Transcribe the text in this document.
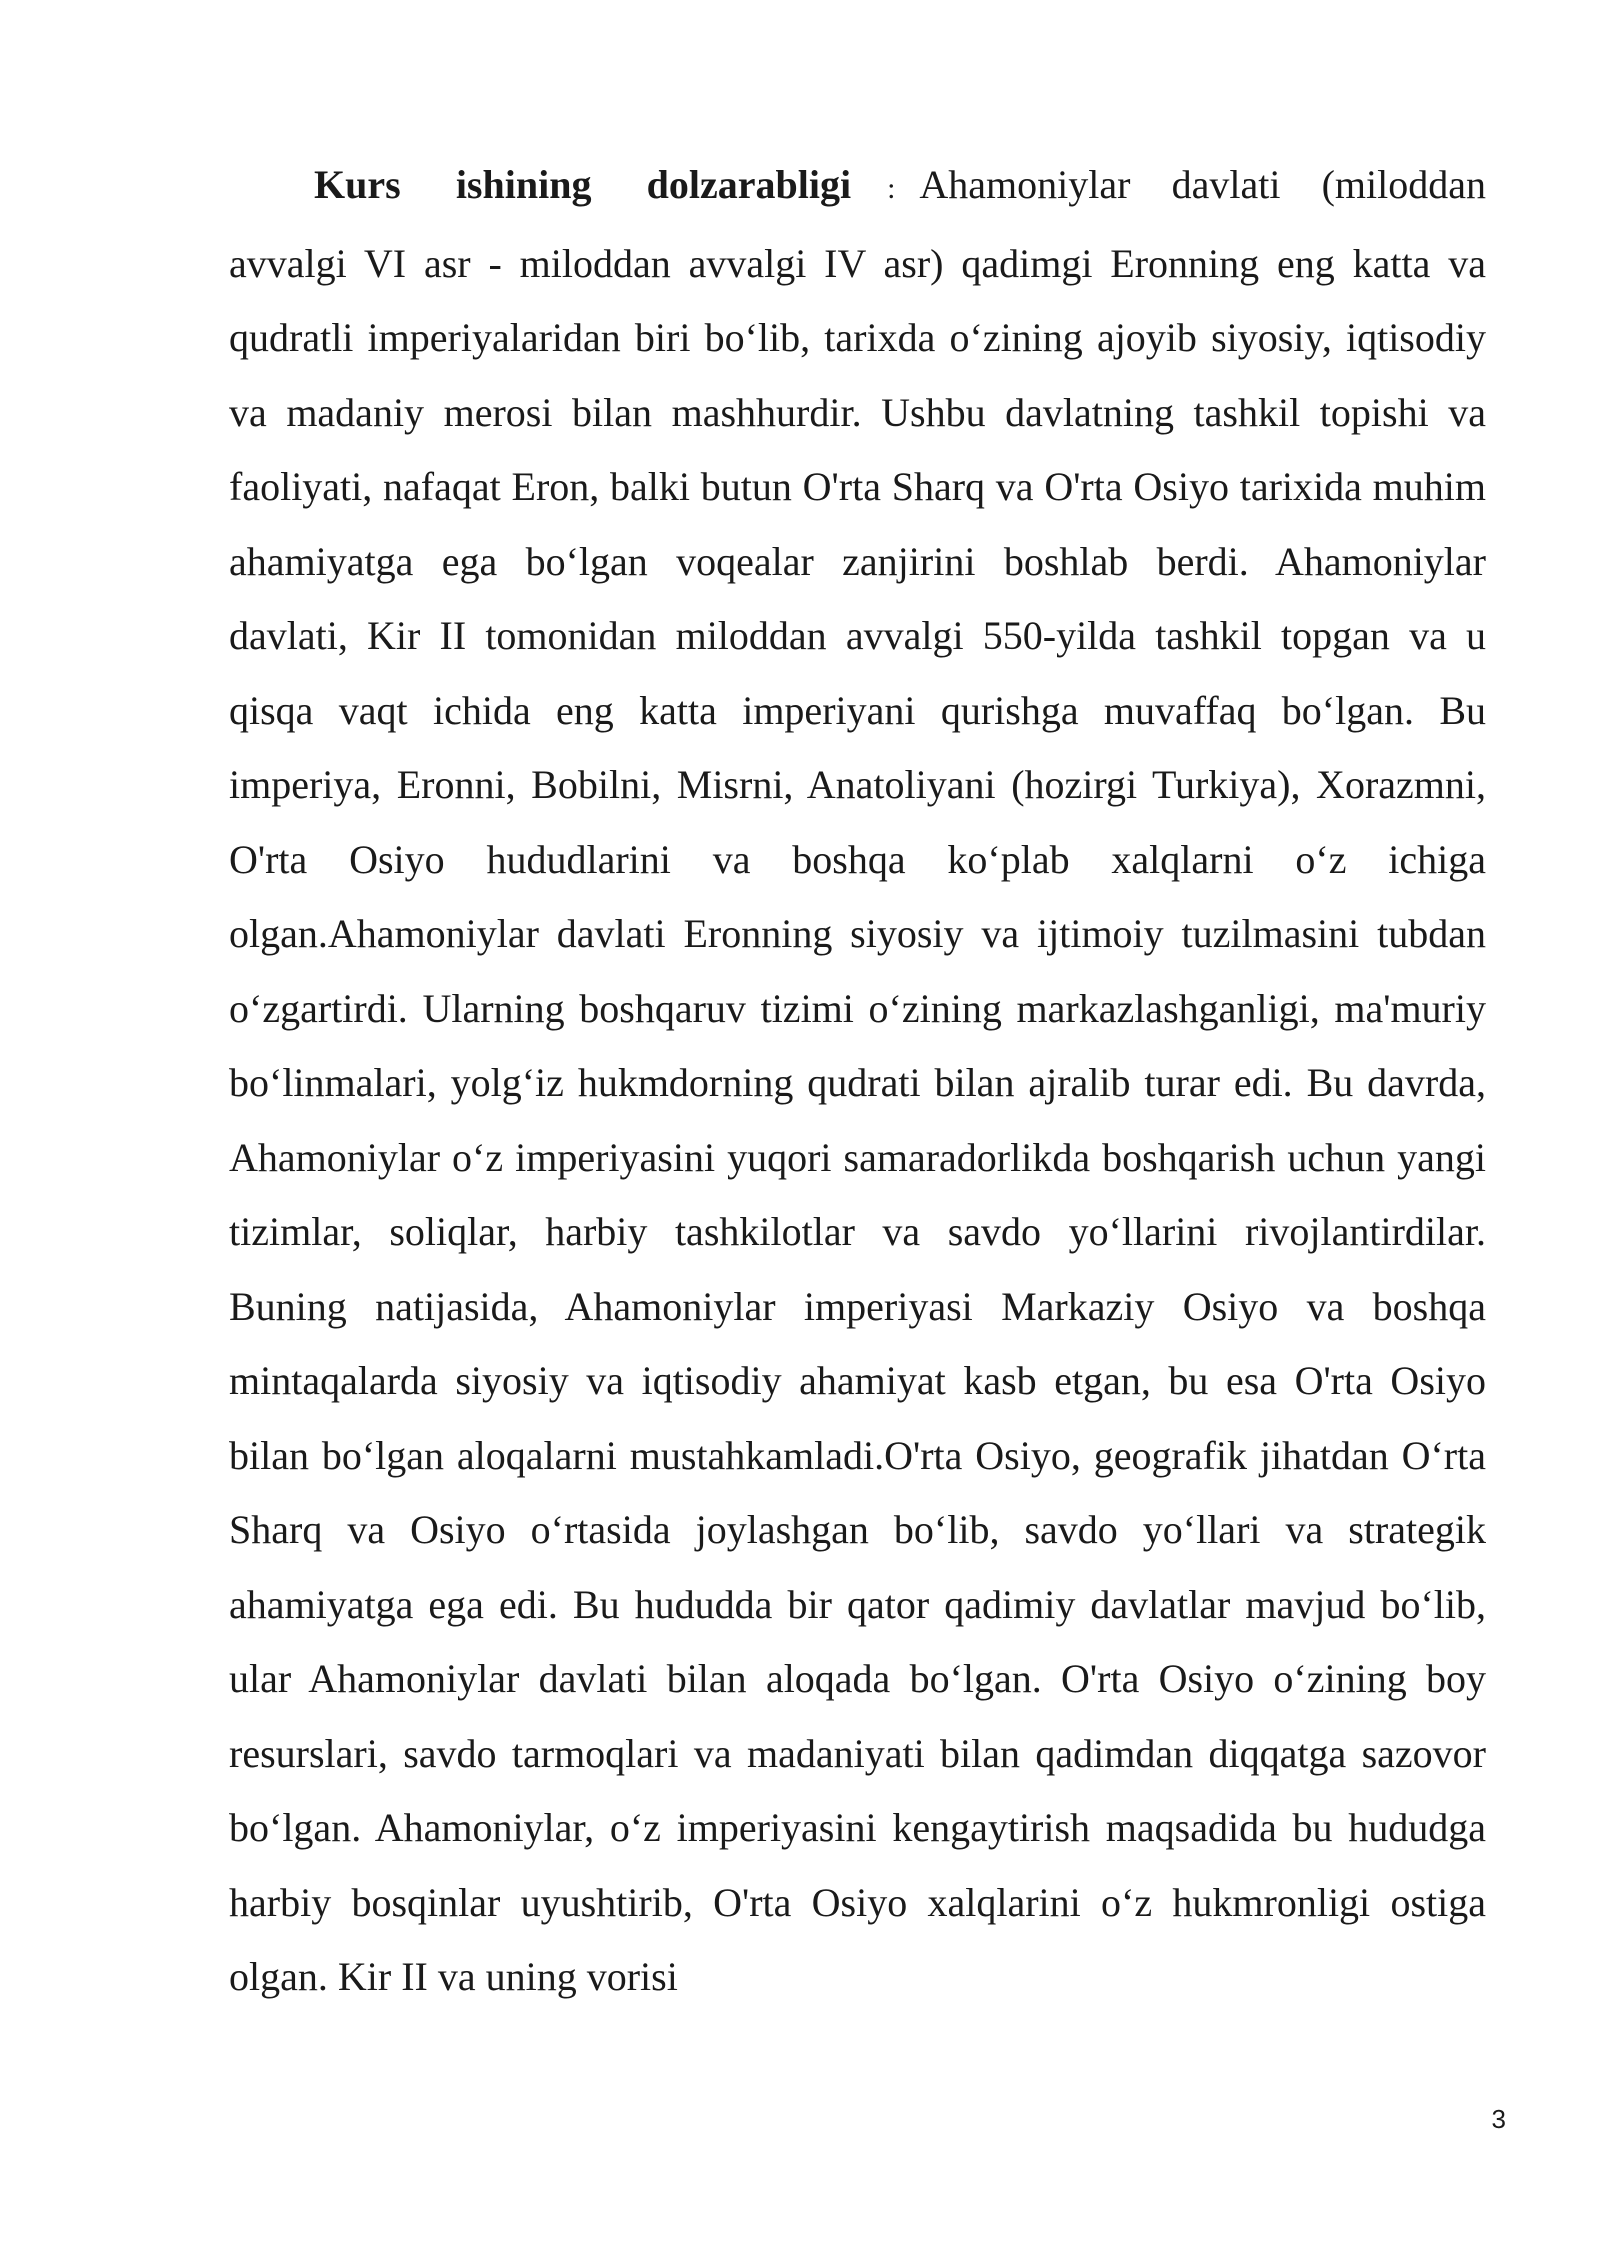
Kurs ishining dolzarabligi : Ahamoniylar davlati (miloddan avvalgi VI asr - miloddan avvalgi IV asr) qadimgi Eronning eng katta va qudratli imperiyalaridan biri bo‘lib, tarixda o‘zining ajoyib siyosiy, iqtisodiy va madaniy merosi bilan mashhurdir. Ushbu davlatning tashkil topishi va faoliyati, nafaqat Eron, balki butun O'rta Sharq va O'rta Osiyo tarixida muhim ahamiyatga ega bo‘lgan voqealar zanjirini boshlab berdi. Ahamoniylar davlati, Kir II tomonidan miloddan avvalgi 550-yilda tashkil topgan va u qisqa vaqt ichida eng katta imperiyani qurishga muvaffaq bo‘lgan. Bu imperiya, Eronni, Bobilni, Misrni, Anatoliyani (hozirgi Turkiya), Xorazmni, O'rta Osiyo hududlarini va boshqa ko‘plab xalqlarni o‘z ichiga olgan.Ahamoniylar davlati Eronning siyosiy va ijtimoiy tuzilmasini tubdan o‘zgartirdi. Ularning boshqaruv tizimi o‘zining markazlashganligi, ma'muriy bo‘linmalari, yolg‘iz hukmdorning qudrati bilan ajralib turar edi. Bu davrda, Ahamoniylar o‘z imperiyasini yuqori samaradorlikda boshqarish uchun yangi tizimlar, soliqlar, harbiy tashkilotlar va savdo yo‘llarini rivojlantirdilar. Buning natijasida, Ahamoniylar imperiyasi Markaziy Osiyo va boshqa mintaqalarda siyosiy va iqtisodiy ahamiyat kasb etgan, bu esa O'rta Osiyo bilan bo‘lgan aloqalarni mustahkamladi.O'rta Osiyo, geografik jihatdan O‘rta Sharq va Osiyo o‘rtasida joylashgan bo‘lib, savdo yo‘llari va strategik ahamiyatga ega edi. Bu hududda bir qator qadimiy davlatlar mavjud bo‘lib, ular Ahamoniylar davlati bilan aloqada bo‘lgan. O'rta Osiyo o‘zining boy resurslari, savdo tarmoqlari va madaniyati bilan qadimdan diqqatga sazovor bo‘lgan. Ahamoniylar, o‘z imperiyasini kengaytirish maqsadida bu hududga harbiy bosqinlar uyushtirib, O'rta Osiyo xalqlarini o‘z hukmronligi ostiga olgan. Kir II va uning vorisi

3
